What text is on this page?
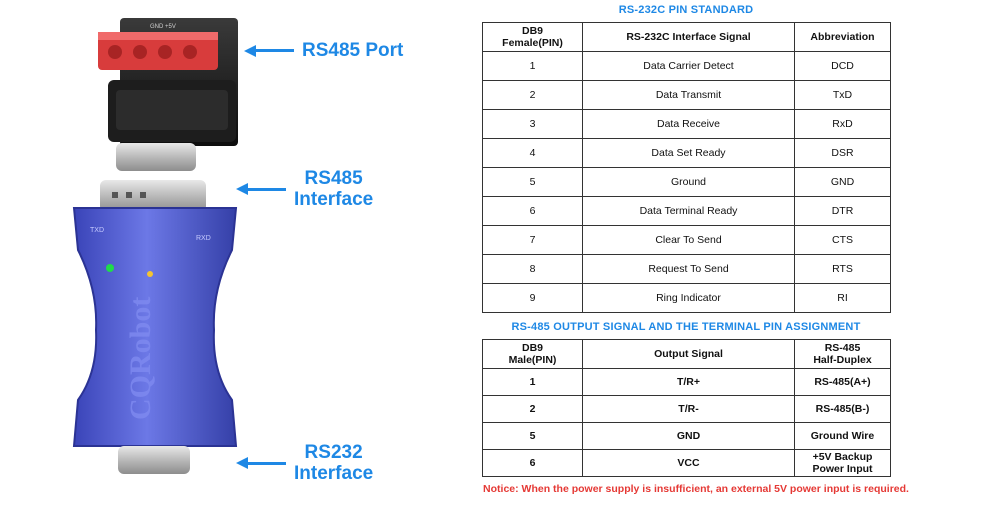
GND +5V
TXD
RXD
CQRobot
RS485 Port
RS485
Interface
RS232
Interface
RS-232C PIN STANDARD
DB9
Female(PIN)	RS-232C Interface Signal	Abbreviation
1	Data Carrier Detect	DCD
2	Data Transmit	TxD
3	Data Receive	RxD
4	Data Set Ready	DSR
5	Ground	GND
6	Data Terminal Ready	DTR
7	Clear To Send	CTS
8	Request To Send	RTS
9	Ring Indicator	RI
RS-485 OUTPUT SIGNAL AND THE TERMINAL PIN ASSIGNMENT
DB9
Male(PIN)	Output Signal	RS-485
Half-Duplex
1	T/R+	RS-485(A+)
2	T/R-	RS-485(B-)
5	GND	Ground Wire
6	VCC	+5V Backup
Power Input
Notice: When the power supply is insufficient, an external 5V power input is required.
